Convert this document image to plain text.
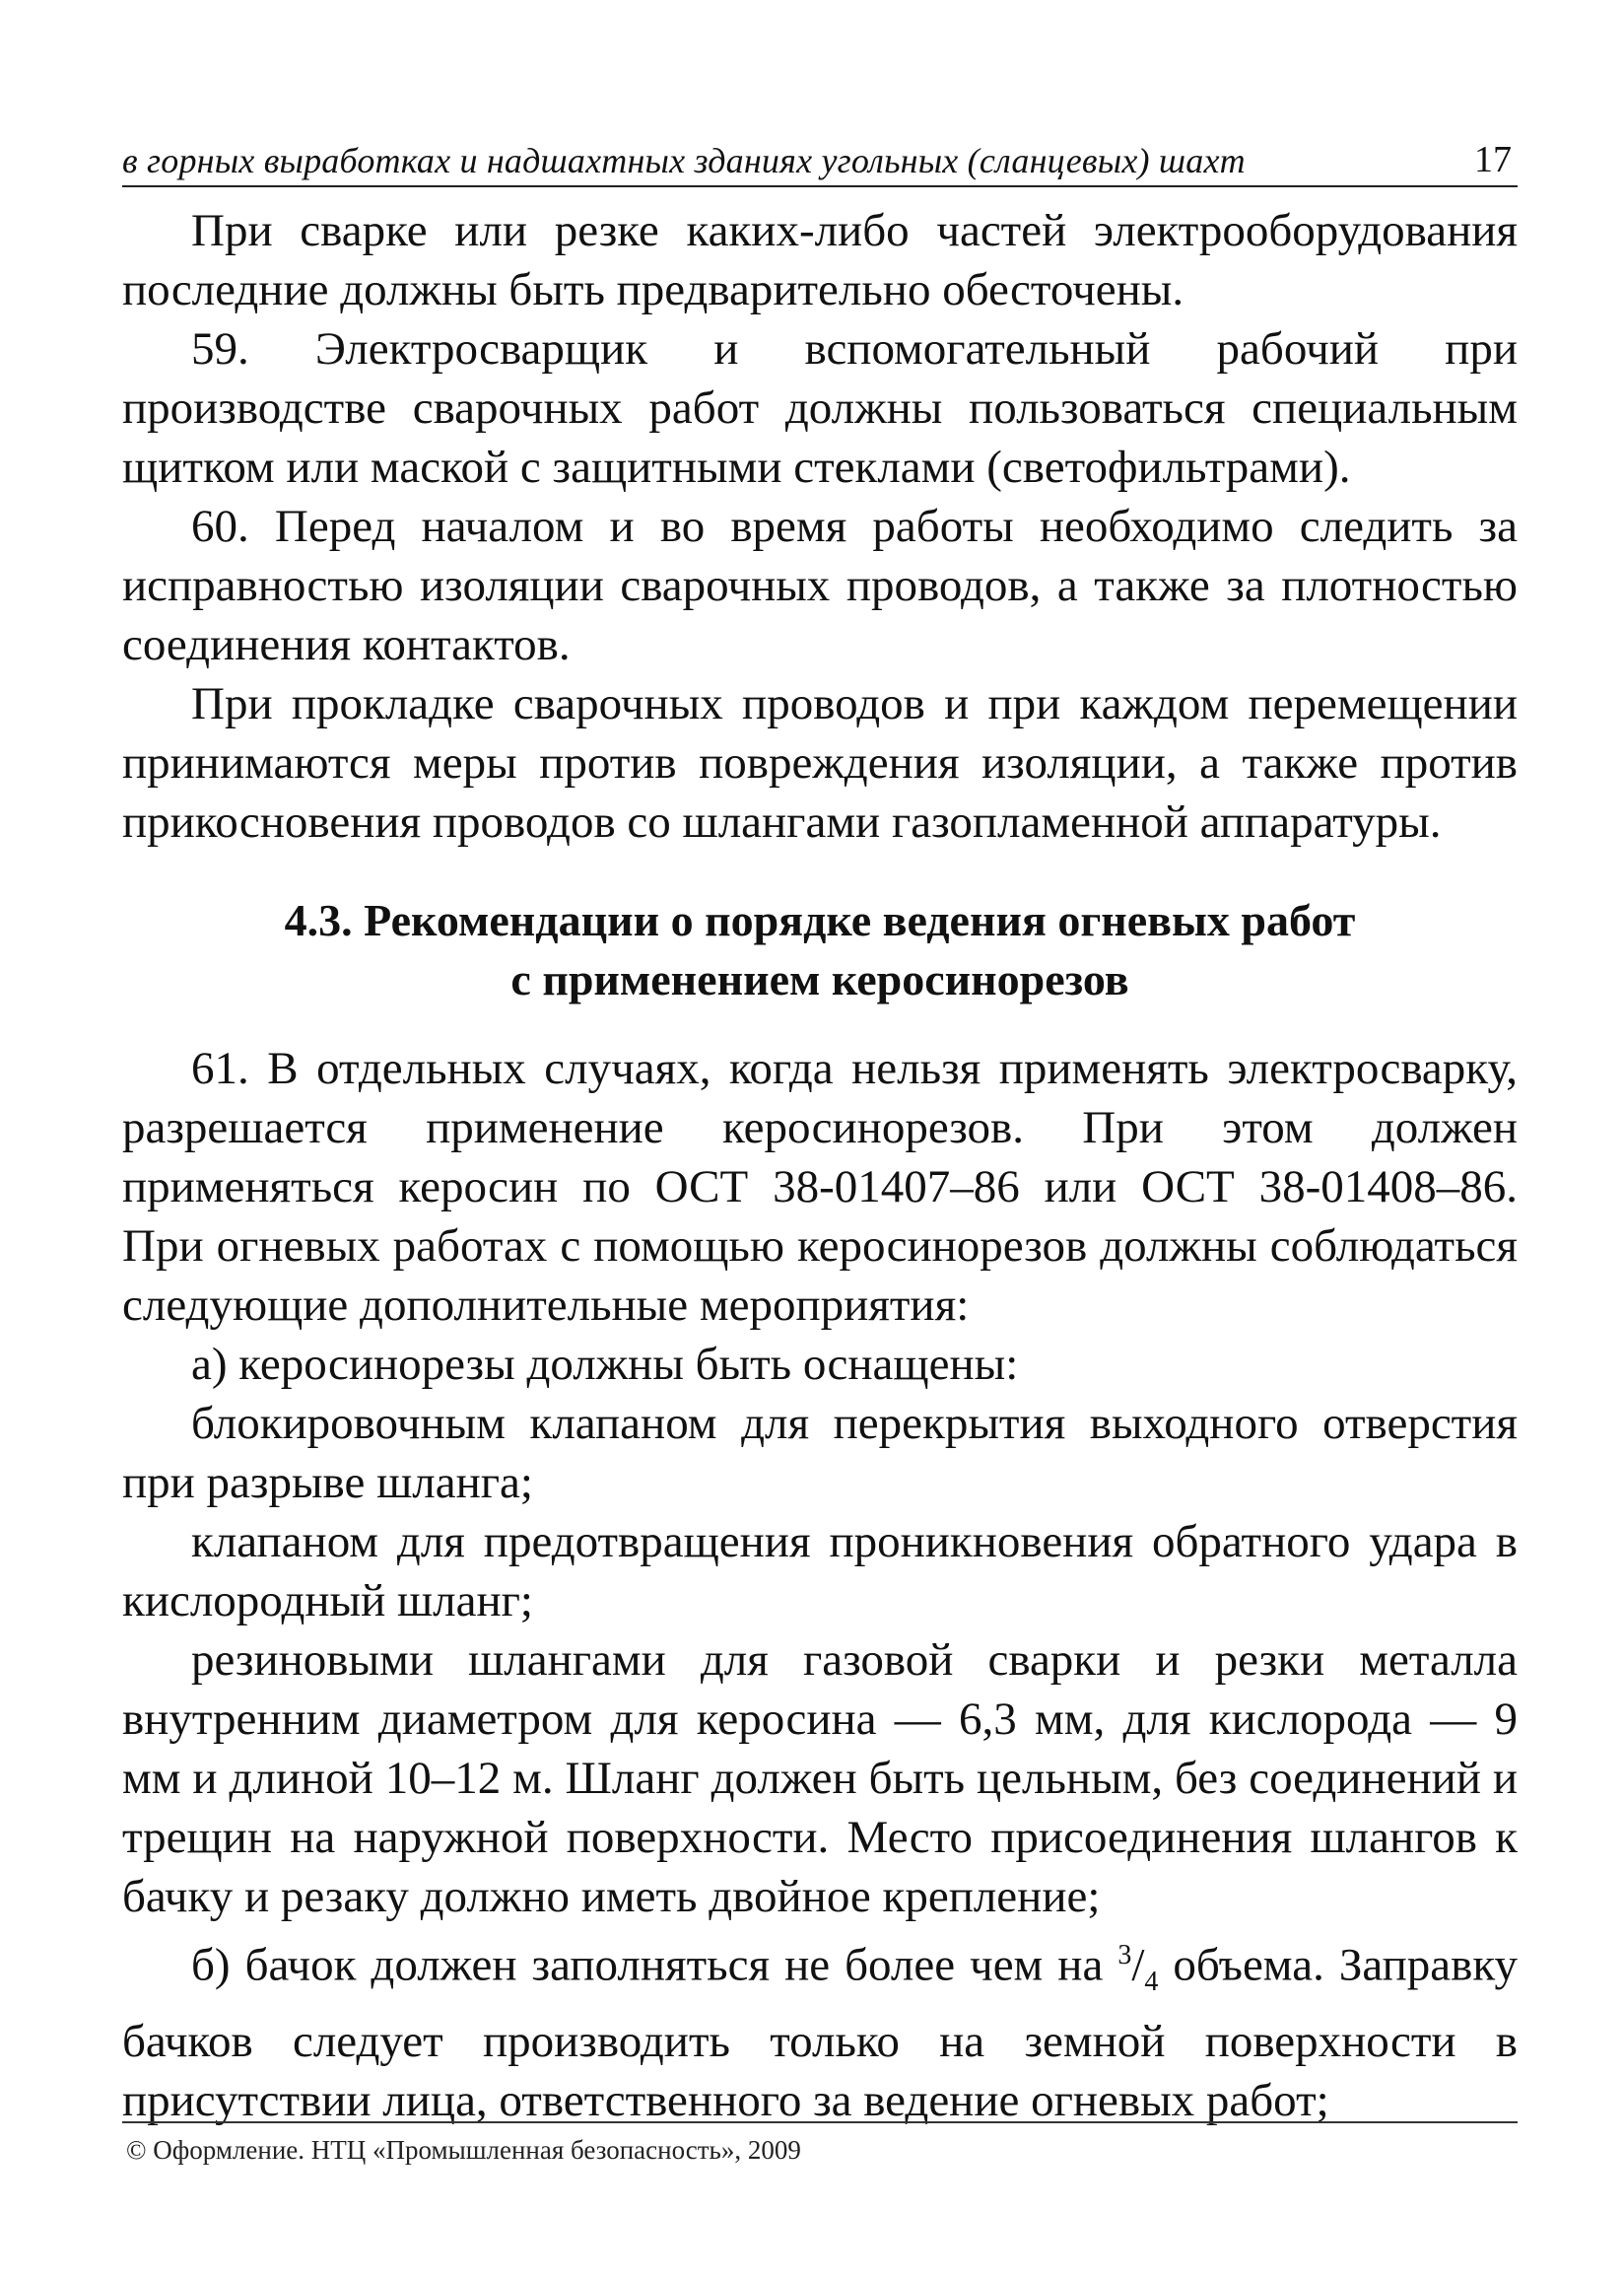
в горных выработках и надшахтных зданиях угольных (сланцевых) шахт	17

При сварке или резке каких-либо частей электрооборудования последние должны быть предварительно обесточены.

59. Электросварщик и вспомогательный рабочий при производстве сварочных работ должны пользоваться специальным щитком или маской с защитными стеклами (светофильтрами).

60. Перед началом и во время работы необходимо следить за исправностью изоляции сварочных проводов, а также за плотностью соединения контактов.

При прокладке сварочных проводов и при каждом перемещении принимаются меры против повреждения изоляции, а также против прикосновения проводов со шлангами газопламенной аппаратуры.

4.3. Рекомендации о порядке ведения огневых работ
с применением керосинорезов

61. В отдельных случаях, когда нельзя применять электросварку, разрешается применение керосинорезов. При этом должен применяться керосин по ОСТ 38-01407–86 или ОСТ 38-01408–86. При огневых работах с помощью керосинорезов должны соблюдаться следующие дополнительные мероприятия:

а) керосинорезы должны быть оснащены:

блокировочным клапаном для перекрытия выходного отверстия при разрыве шланга;

клапаном для предотвращения проникновения обратного удара в кислородный шланг;

резиновыми шлангами для газовой сварки и резки металла внутренним диаметром для керосина — 6,3 мм, для кислорода — 9 мм и длиной 10–12 м. Шланг должен быть цельным, без соединений и трещин на наружной поверхности. Место присоединения шлангов к бачку и резаку должно иметь двойное крепление;

б) бачок должен заполняться не более чем на $^3/_4$ объема. Заправку бачков следует производить только на земной поверхности в присутствии лица, ответственного за ведение огневых работ;

© Оформление. НТЦ «Промышленная безопасность», 2009
